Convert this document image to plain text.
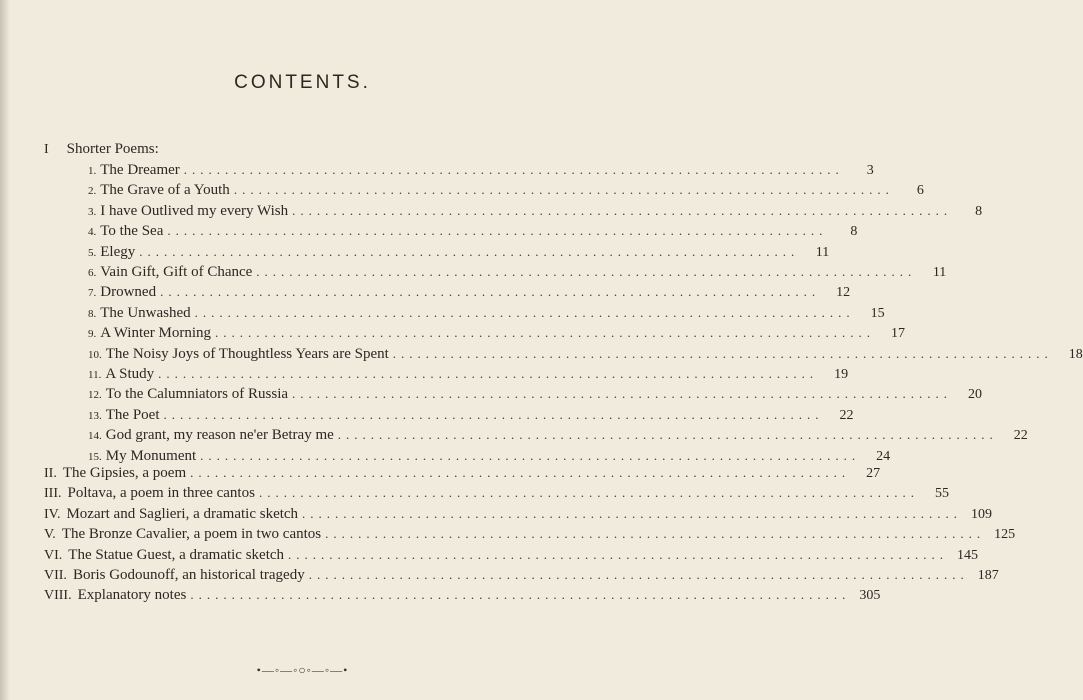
CONTENTS.
I Shorter Poems:
1. The Dreamer ................................................................................	3
2. The Grave of a Youth ................................................................................	6
3. I have Outlived my every Wish ................................................................................	8
4. To the Sea ................................................................................	8
5. Elegy ................................................................................	11
6. Vain Gift, Gift of Chance ................................................................................	11
7. Drowned ................................................................................	12
8. The Unwashed ................................................................................	15
9. A Winter Morning ................................................................................	17
10. The Noisy Joys of Thoughtless Years are Spent ................................................................................	18
11. A Study ................................................................................	19
12. To the Calumniators of Russia ................................................................................	20
13. The Poet ................................................................................	22
14. God grant, my reason ne'er Betray me ................................................................................	22
15. My Monument ................................................................................	24
II. The Gipsies, a poem ................................................................................	27
III. Poltava, a poem in three cantos ................................................................................	55
IV. Mozart and Saglieri, a dramatic sketch ................................................................................ 109
V. The Bronze Cavalier, a poem in two cantos ................................................................................ 125
VI. The Statue Guest, a dramatic sketch ................................................................................ 145
VII. Boris Godounoff, an historical tragedy ................................................................................ 187
VIII. Explanatory notes ................................................................................ 305
•—◦—◦○◦—◦—•
